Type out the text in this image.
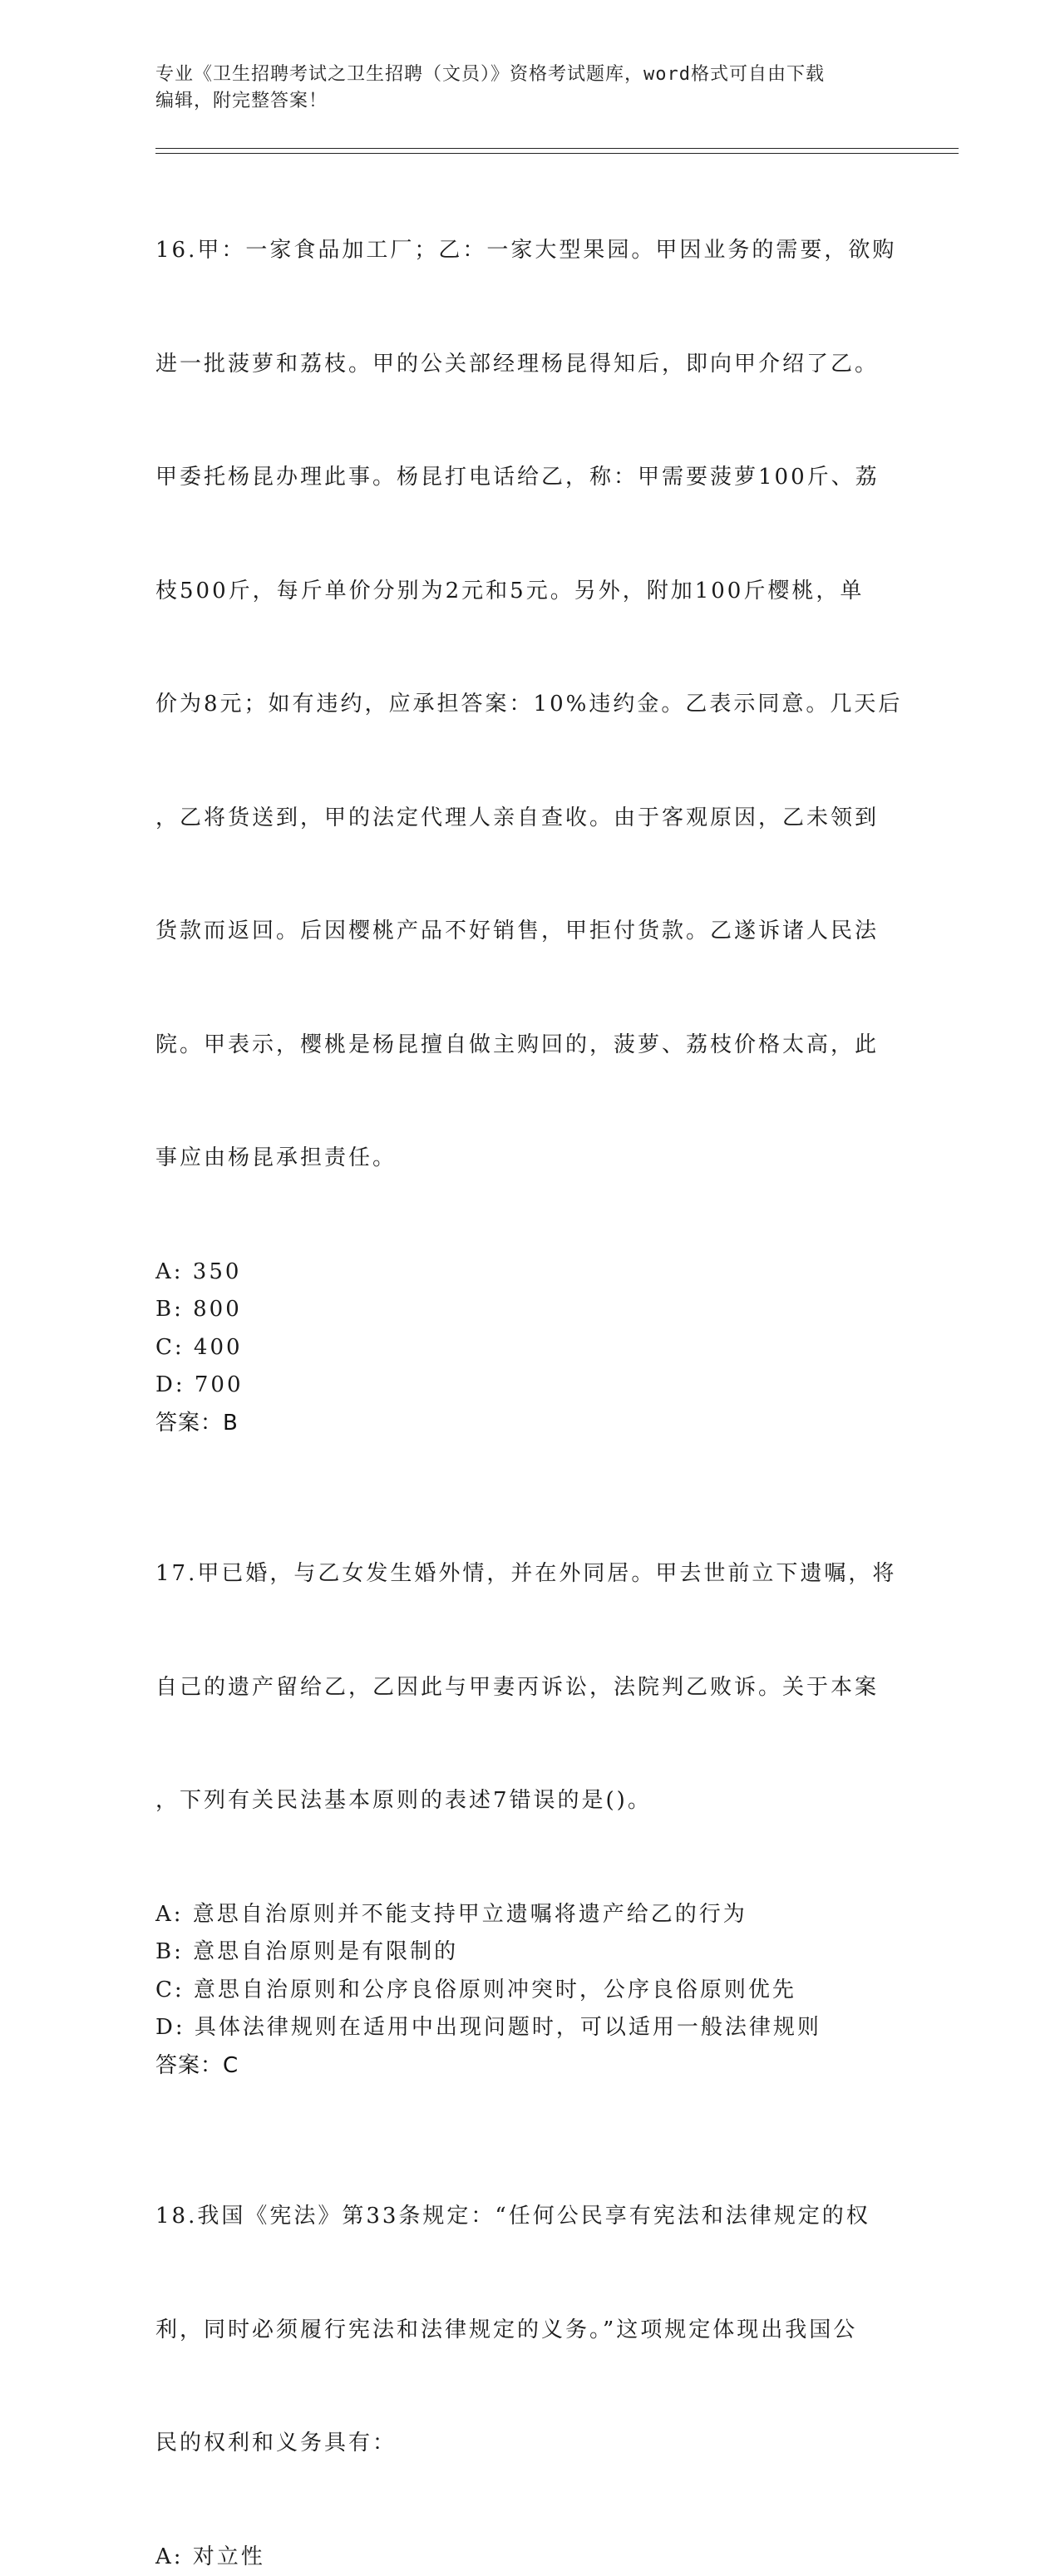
专业《卫生招聘考试之卫生招聘（文员）》资格考试题库，word格式可自由下载
编辑，附完整答案！

16.甲：一家食品加工厂；乙：一家大型果园。甲因业务的需要，欲购

进一批菠萝和荔枝。甲的公关部经理杨昆得知后，即向甲介绍了乙。

甲委托杨昆办理此事。杨昆打电话给乙，称：甲需要菠萝100斤、荔

枝500斤，每斤单价分别为2元和5元。另外，附加100斤樱桃，单

价为8元；如有违约，应承担答案：10%违约金。乙表示同意。几天后

，乙将货送到，甲的法定代理人亲自查收。由于客观原因，乙未领到

货款而返回。后因樱桃产品不好销售，甲拒付货款。乙遂诉诸人民法

院。甲表示，樱桃是杨昆擅自做主购回的，菠萝、荔枝价格太高，此

事应由杨昆承担责任。

A: 350
B: 800
C: 400
D: 700
答案：B

17.甲已婚，与乙女发生婚外情，并在外同居。甲去世前立下遗嘱，将

自己的遗产留给乙，乙因此与甲妻丙诉讼，法院判乙败诉。关于本案

，下列有关民法基本原则的表述7错误的是()。

A: 意思自治原则并不能支持甲立遗嘱将遗产给乙的行为
B: 意思自治原则是有限制的
C: 意思自治原则和公序良俗原则冲突时，公序良俗原则优先
D: 具体法律规则在适用中出现问题时，可以适用一般法律规则
答案：C

18.我国《宪法》第33条规定：“任何公民享有宪法和法律规定的权

利，同时必须履行宪法和法律规定的义务。”这项规定体现出我国公

民的权利和义务具有：

A: 对立性
